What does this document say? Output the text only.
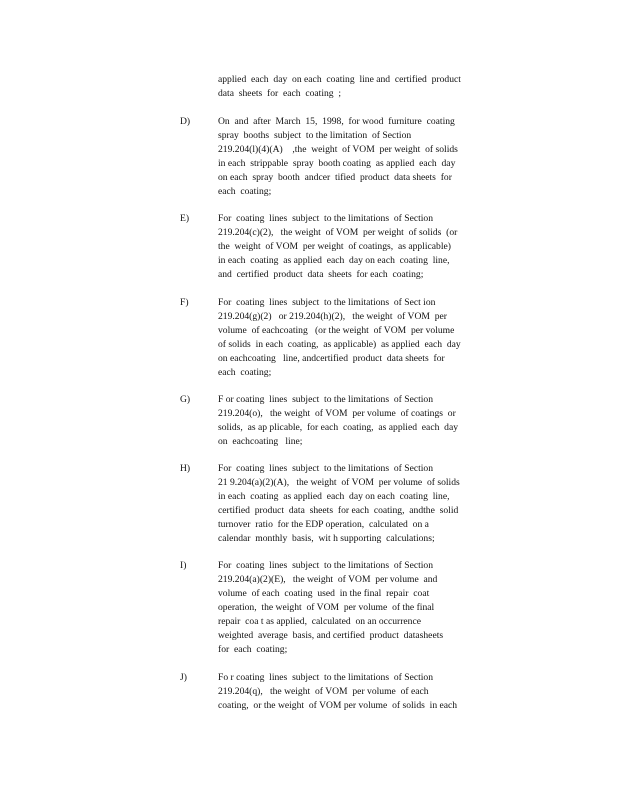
applied  each  day  on each  coating  line and  certified  product
data  sheets  for  each  coating  ;
D)	On  and  after  March  15,  1998,  for wood  furniture  coating
spray  booths  subject  to the limitation  of Section
219.204(l)(4)(A)    ,the  weight  of VOM  per weight  of solids
in each  strippable  spray  booth coating  as applied  each  day
on each  spray  booth  andcer  tified  product  data sheets  for
each  coating;
E)	For  coating  lines  subject  to the limitations  of Section
219.204(c)(2),   the weight  of VOM  per weight  of solids  (or
the  weight  of VOM  per weight  of coatings,  as applicable)
in each  coating  as applied  each  day on each  coating  line,
and  certified  product  data  sheets  for each  coating;
F)	For  coating  lines  subject  to the limitations  of Sect ion
219.204(g)(2)   or 219.204(h)(2),   the weight  of VOM  per
volume  of eachcoating   (or the weight  of VOM  per volume
of solids  in each  coating,  as applicable)  as applied  each  day
on eachcoating   line, andcertified  product  data sheets  for
each  coating;
G)	F or coating  lines  subject  to the limitations  of Section
219.204(o),   the weight  of VOM  per volume  of coatings  or
solids,  as ap plicable,  for each  coating,  as applied  each  day
on  eachcoating   line;
H)	For  coating  lines  subject  to the limitations  of Section
21 9.204(a)(2)(A),   the weight  of VOM  per volume  of solids
in each  coating  as applied  each  day on each  coating  line,
certified  product  data  sheets  for each  coating,  andthe  solid
turnover  ratio  for the EDP operation,  calculated  on a
calendar  monthly  basis,  wit h supporting  calculations;
I)	For  coating  lines  subject  to the limitations  of Section
219.204(a)(2)(E),   the weight  of VOM  per volume  and
volume  of each  coating  used  in the final  repair  coat
operation,  the weight  of VOM  per volume  of the final
repair  coa t as applied,  calculated  on an occurrence
weighted  average  basis, and certified  product  datasheets
for  each  coating;
J)	Fo r coating  lines  subject  to the limitations  of Section
219.204(q),   the weight  of VOM  per volume  of each
coating,  or the weight  of VOM per volume  of solids  in each
